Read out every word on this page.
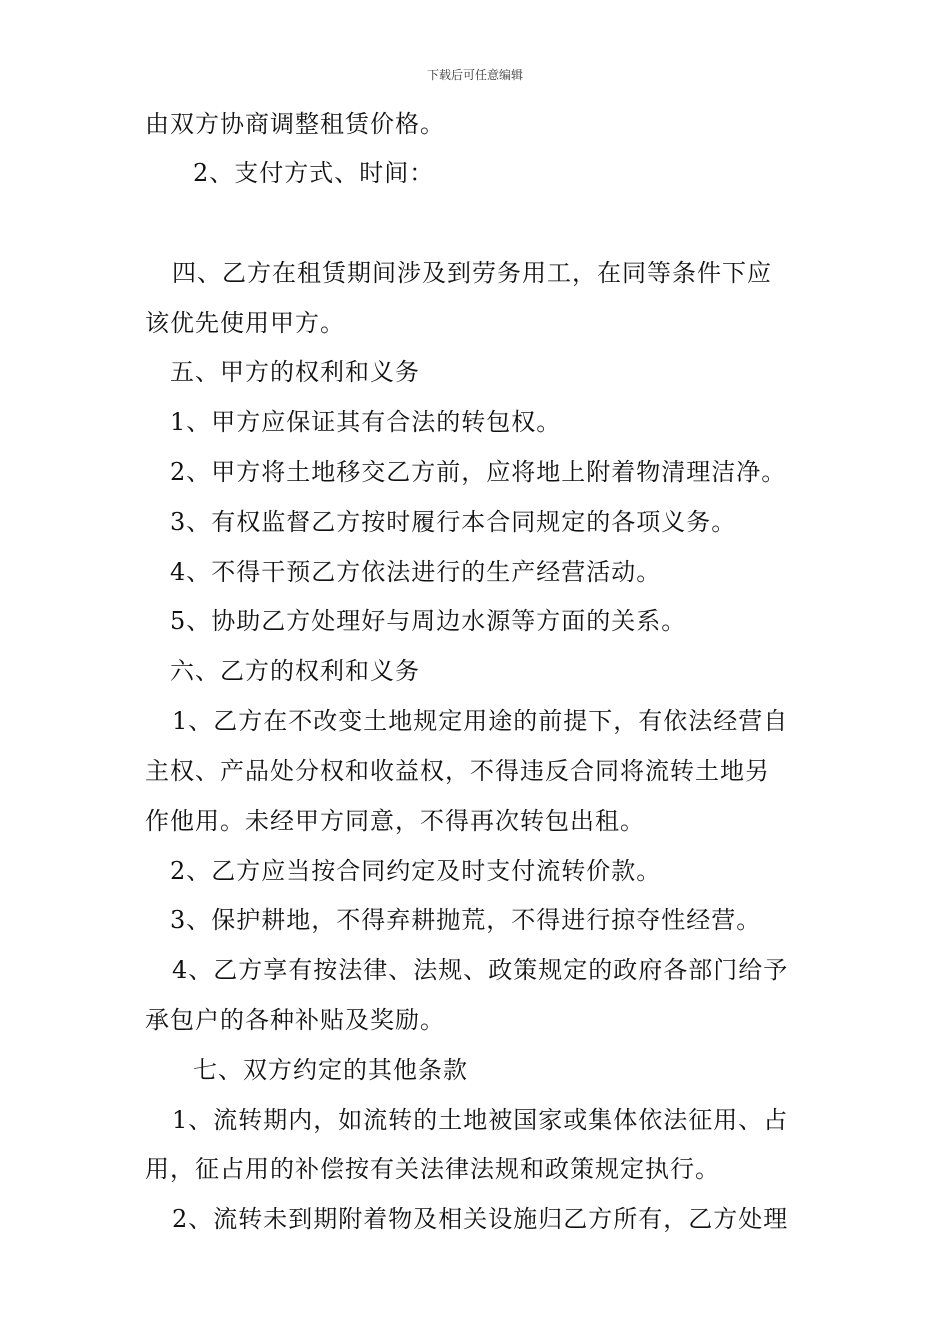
下载后可任意编辑
由双方协商调整租赁价格。
2、支付方式、时间：
四、乙方在租赁期间涉及到劳务用工，在同等条件下应
该优先使用甲方。
五、甲方的权利和义务
1、甲方应保证其有合法的转包权。
2、甲方将土地移交乙方前，应将地上附着物清理洁净。
3、有权监督乙方按时履行本合同规定的各项义务。
4、不得干预乙方依法进行的生产经营活动。
5、协助乙方处理好与周边水源等方面的关系。
六、乙方的权利和义务
1、乙方在不改变土地规定用途的前提下，有依法经营自
主权、产品处分权和收益权，不得违反合同将流转土地另
作他用。未经甲方同意，不得再次转包出租。
2、乙方应当按合同约定及时支付流转价款。
3、保护耕地，不得弃耕抛荒，不得进行掠夺性经营。
4、乙方享有按法律、法规、政策规定的政府各部门给予
承包户的各种补贴及奖励。
七、双方约定的其他条款
1、流转期内，如流转的土地被国家或集体依法征用、占
用，征占用的补偿按有关法律法规和政策规定执行。
2、流转未到期附着物及相关设施归乙方所有，乙方处理
